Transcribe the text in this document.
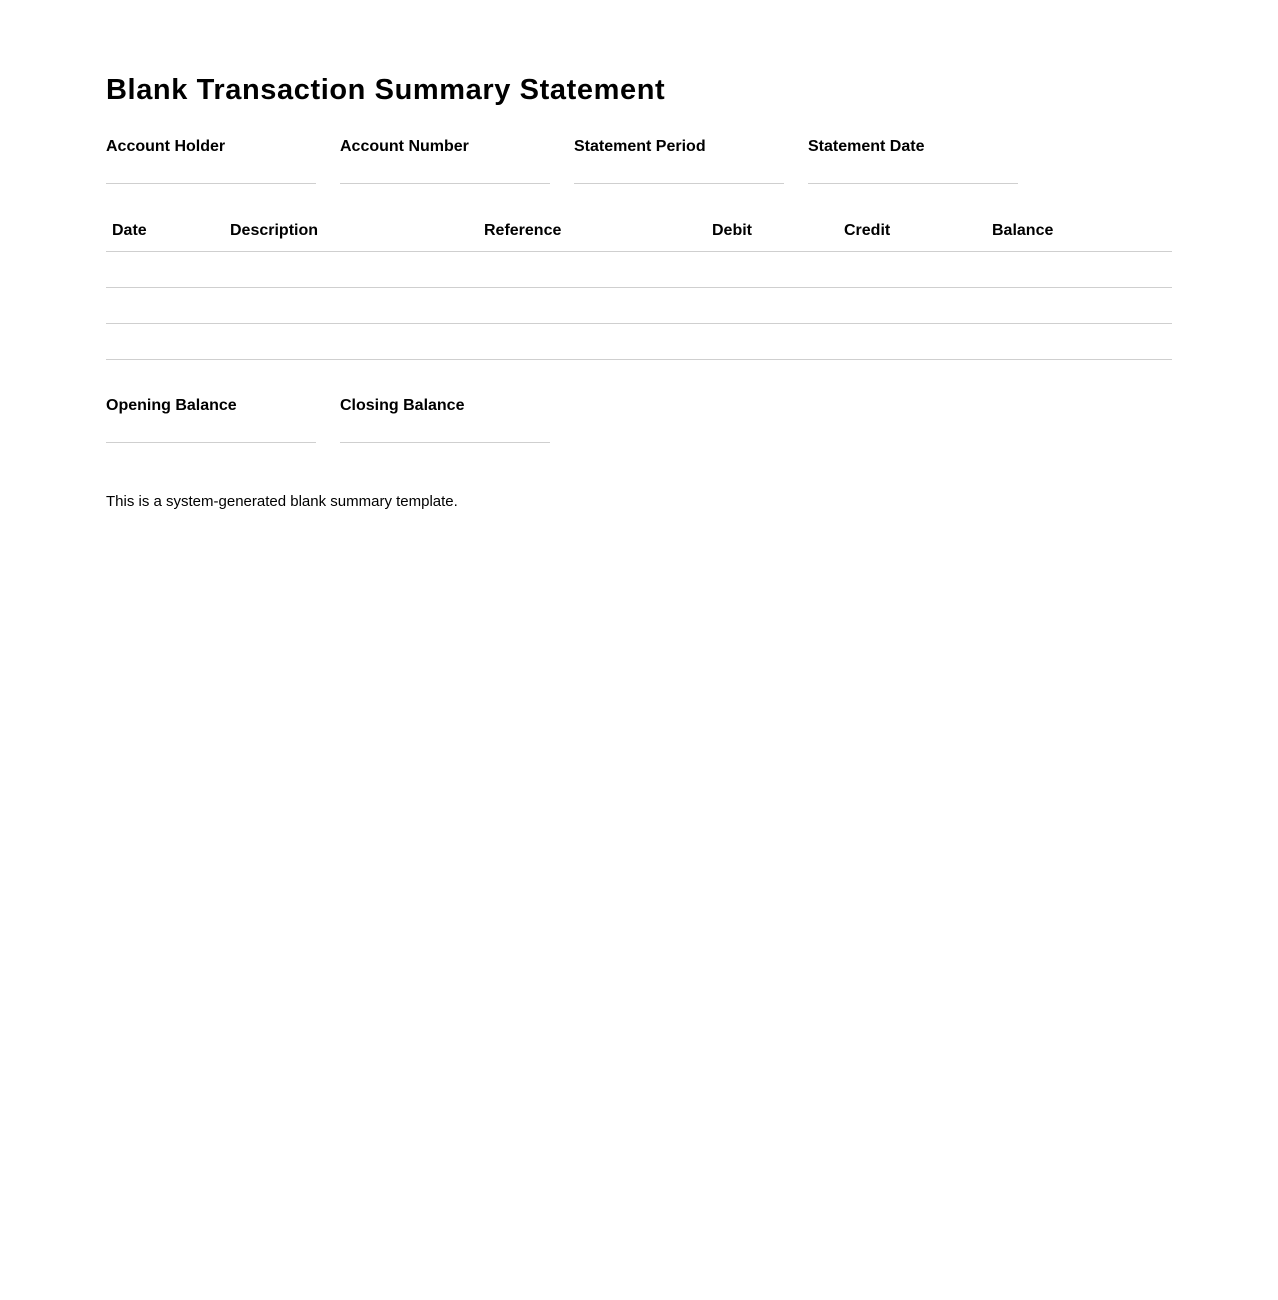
Blank Transaction Summary Statement
Account Holder	Account Number	Statement Period	Statement Date
Date	Description	Reference	Debit	Credit	Balance

Opening Balance	Closing Balance

This is a system-generated blank summary template.
